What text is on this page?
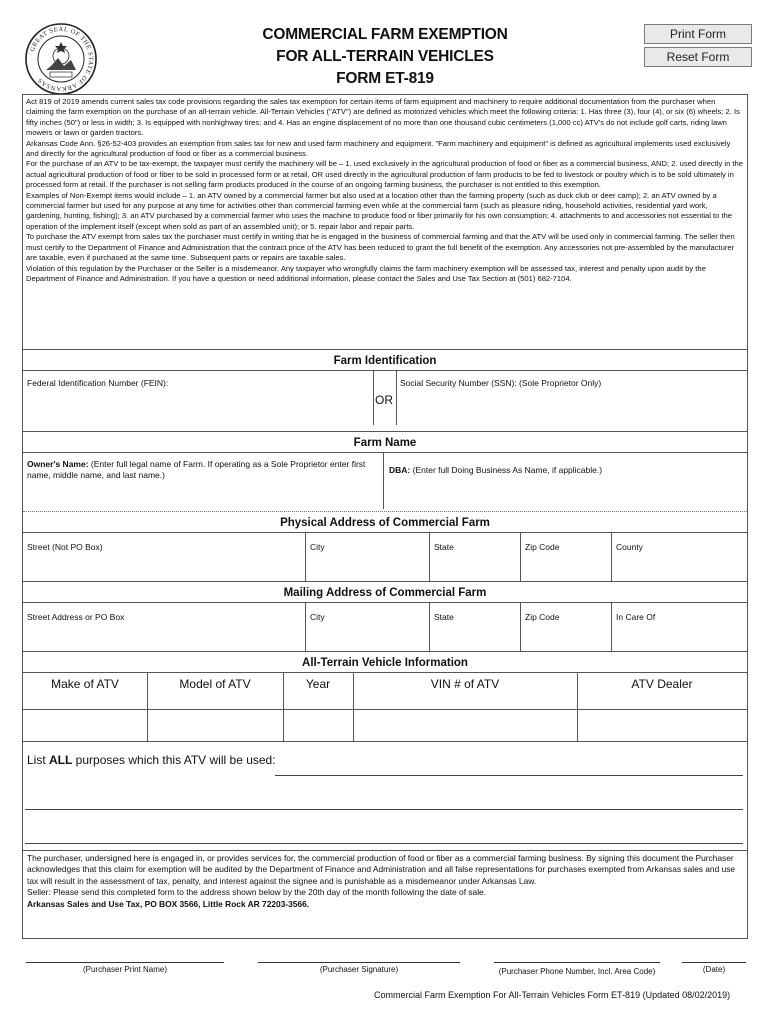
GREAT SEAL OF THE STATE OF ARKANSAS
COMMERCIAL FARM EXEMPTION
FOR ALL-TERRAIN VEHICLES
FORM ET-819
Print Form
Reset Form

Act 819 of 2019 amends current sales tax code provisions regarding the sales tax exemption for certain items of farm equipment and machinery to require additional documentation from the purchaser when claiming the farm exemption on the purchase of an all-terrain vehicle. All-Terrain Vehicles ("ATV") are defined as motorized vehicles which meet the following criteria: 1. Has three (3), four (4), or six (6) wheels; 2. Is fifty inches (50") or less in width; 3. Is equipped with nonhighway tires; and 4. Has an engine displacement of no more than one thousand cubic centimeters (1,000 cc) ATV's do not include golf carts, riding lawn mowers or lawn or garden tractors.

Arkansas Code Ann. §26-52-403 provides an exemption from sales tax for new and used farm machinery and equipment. "Farm machinery and equipment" is defined as agricultural implements used exclusively and directly for the agricultural production of food or fiber as a commercial business.

For the purchase of an ATV to be tax-exempt, the taxpayer must certify the machinery will be – 1. used exclusively in the agricultural production of food or fiber as a commercial business, AND; 2. used directly in the actual agricultural production of food or fiber to be sold in processed form or at retail, OR used directly in the agricultural production of farm products to be fed to livestock or poultry which is to be sold ultimately in processed form at retail. If the purchaser is not selling farm products produced in the course of an ongoing farming business, the purchaser is not entitled to this exemption.

Examples of Non-Exempt items would include – 1. an ATV owned by a commercial farmer but also used at a location other than the farming property (such as duck club or deer camp); 2. an ATV owned by a commercial farmer but used for any purpose at any time for activities other than commercial farming even while at the commercial farm (such as pleasure riding, household activities, residential yard work, gardening, hunting, fishing); 3. an ATV purchased by a commercial farmer who uses the machine to produce food or fiber primarily for his own consumption; 4. attachments to and accessories not essential to the operation of the implement itself (except when sold as part of an assembled unit); or 5. repair labor and repair parts.

To purchase the ATV exempt from sales tax the purchaser must certify in writing that he is engaged in the business of commercial farming and that the ATV will be used only in commercial farming. The seller then must certify to the Department of Finance and Administration that the contract price of the ATV has been reduced to grant the full benefit of the exemption. Any accessories not pre-assembled by the manufacturer are taxable, even if purchased at the same time. Subsequent parts or repairs are taxable sales.

Violation of this regulation by the Purchaser or the Seller is a misdemeanor. Any taxpayer who wrongfully claims the farm machinery exemption will be assessed tax, interest and penalty upon audit by the Department of Finance and Administration. If you have a question or need additional information, please contact the Sales and Use Tax Section at (501) 682-7104.

Farm Identification
Federal Identification Number (FEIN):
OR
Social Security Number (SSN): (Sole Proprietor Only)
Farm Name
Owner's Name: (Enter full legal name of Farm. If operating as a Sole Proprietor enter first name, middle name, and last name.)	DBA: (Enter full Doing Business As Name, if applicable.)
Physical Address of Commercial Farm
Street (Not PO Box)	City	State	Zip Code	County
Mailing Address of Commercial Farm
Street Address or PO Box	City	State	Zip Code	In Care Of
All-Terrain Vehicle Information
Make of ATV	Model of ATV	Year	VIN # of ATV	ATV Dealer
List ALL purposes which this ATV will be used:

The purchaser, undersigned here is engaged in, or provides services for, the commercial production of food or fiber as a commercial farming business. By signing this document the Purchaser acknowledges that this claim for exemption will be audited by the Department of Finance and Administration and all false representations for purchases exempted from Arkansas sales and use tax will result in the assessment of tax, penalty, and interest against the signee and is punishable as a misdemeanor under Arkansas Law.

Seller: Please send this completed form to the address shown below by the 20th day of the month following the date of sale.

Arkansas Sales and Use Tax, PO BOX 3566, Little Rock AR 72203-3566.

(Purchaser Print Name)	(Purchaser Signature)	(Purchaser Phone Number, Incl. Area Code)	(Date)
Commercial Farm Exemption For All-Terrain Vehicles Form ET-819 (Updated 08/02/2019)
